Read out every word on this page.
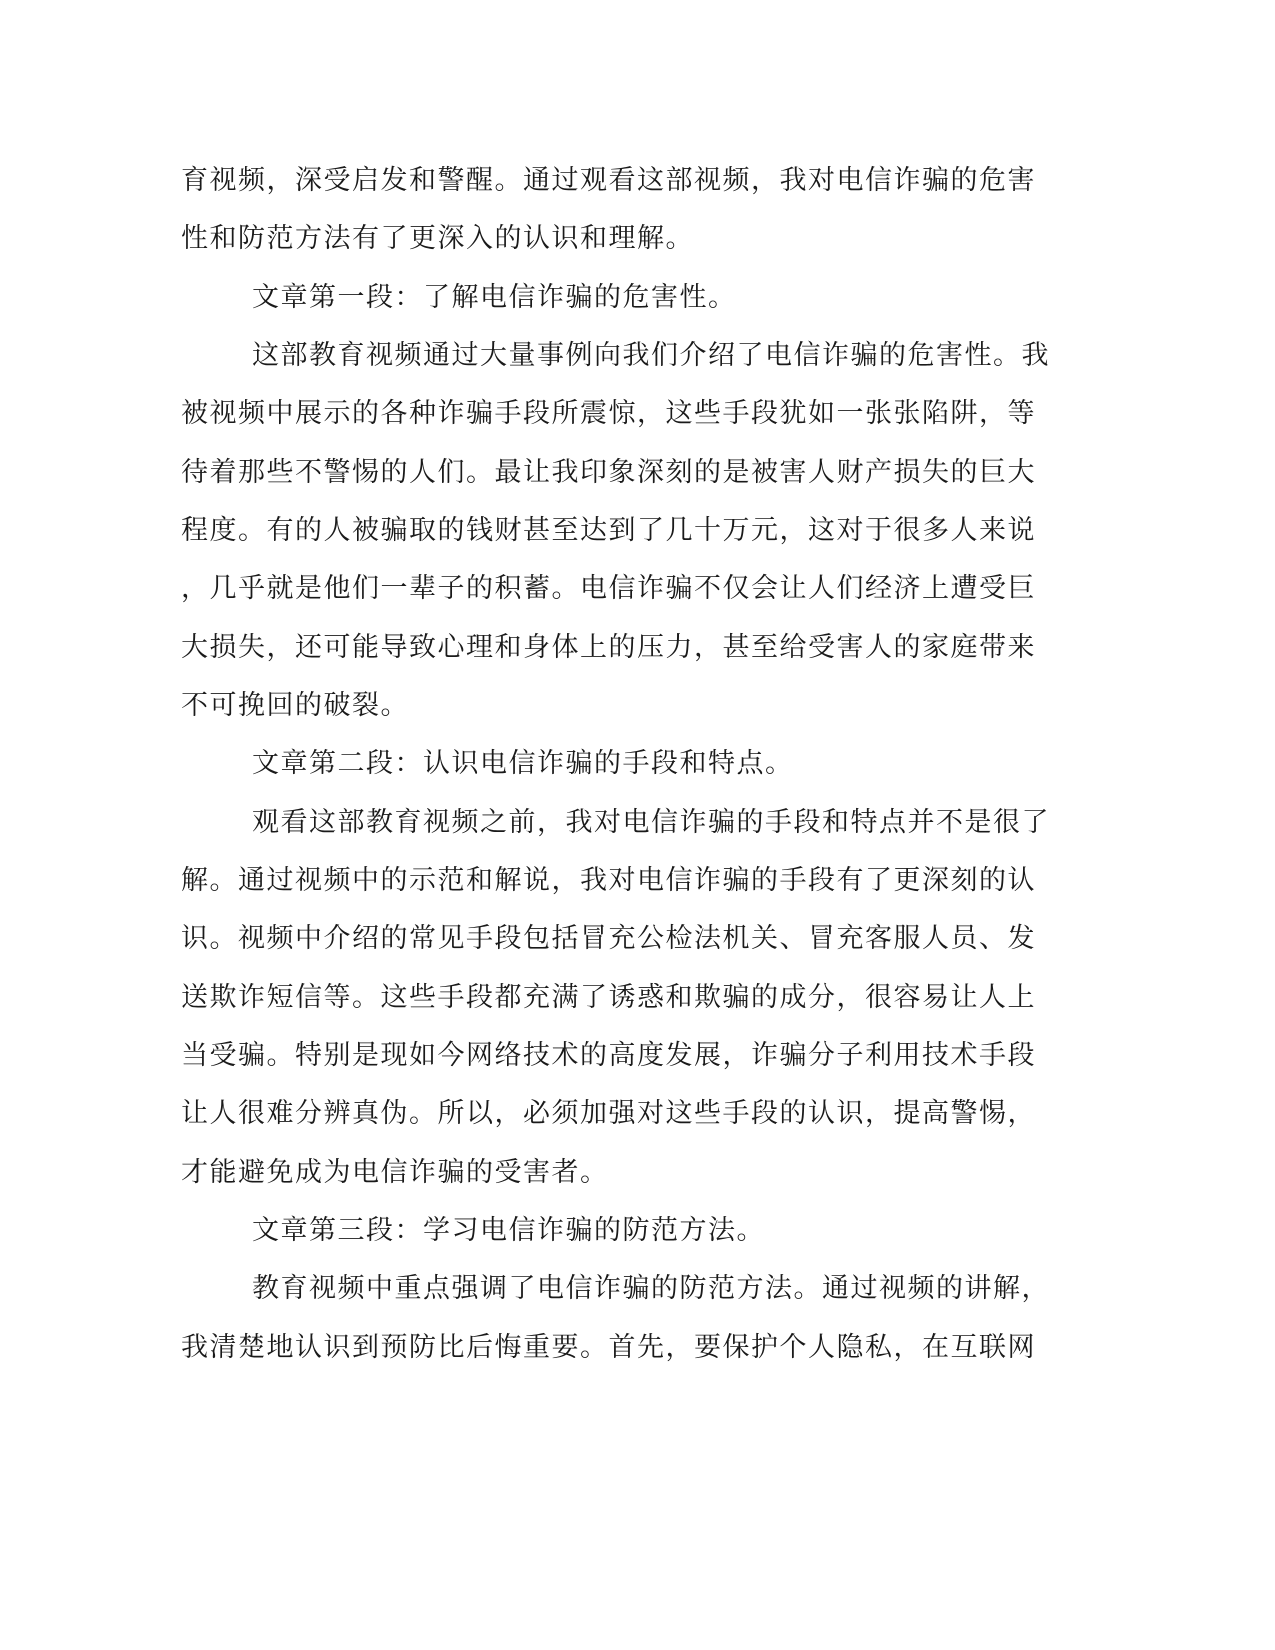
育视频，深受启发和警醒。通过观看这部视频，我对电信诈骗的危害
性和防范方法有了更深入的认识和理解。
文章第一段：了解电信诈骗的危害性。
这部教育视频通过大量事例向我们介绍了电信诈骗的危害性。我
被视频中展示的各种诈骗手段所震惊，这些手段犹如一张张陷阱，等
待着那些不警惕的人们。最让我印象深刻的是被害人财产损失的巨大
程度。有的人被骗取的钱财甚至达到了几十万元，这对于很多人来说
，几乎就是他们一辈子的积蓄。电信诈骗不仅会让人们经济上遭受巨
大损失，还可能导致心理和身体上的压力，甚至给受害人的家庭带来
不可挽回的破裂。
文章第二段：认识电信诈骗的手段和特点。
观看这部教育视频之前，我对电信诈骗的手段和特点并不是很了
解。通过视频中的示范和解说，我对电信诈骗的手段有了更深刻的认
识。视频中介绍的常见手段包括冒充公检法机关、冒充客服人员、发
送欺诈短信等。这些手段都充满了诱惑和欺骗的成分，很容易让人上
当受骗。特别是现如今网络技术的高度发展，诈骗分子利用技术手段
让人很难分辨真伪。所以，必须加强对这些手段的认识，提高警惕，
才能避免成为电信诈骗的受害者。
文章第三段：学习电信诈骗的防范方法。
教育视频中重点强调了电信诈骗的防范方法。通过视频的讲解，
我清楚地认识到预防比后悔重要。首先，要保护个人隐私，在互联网
